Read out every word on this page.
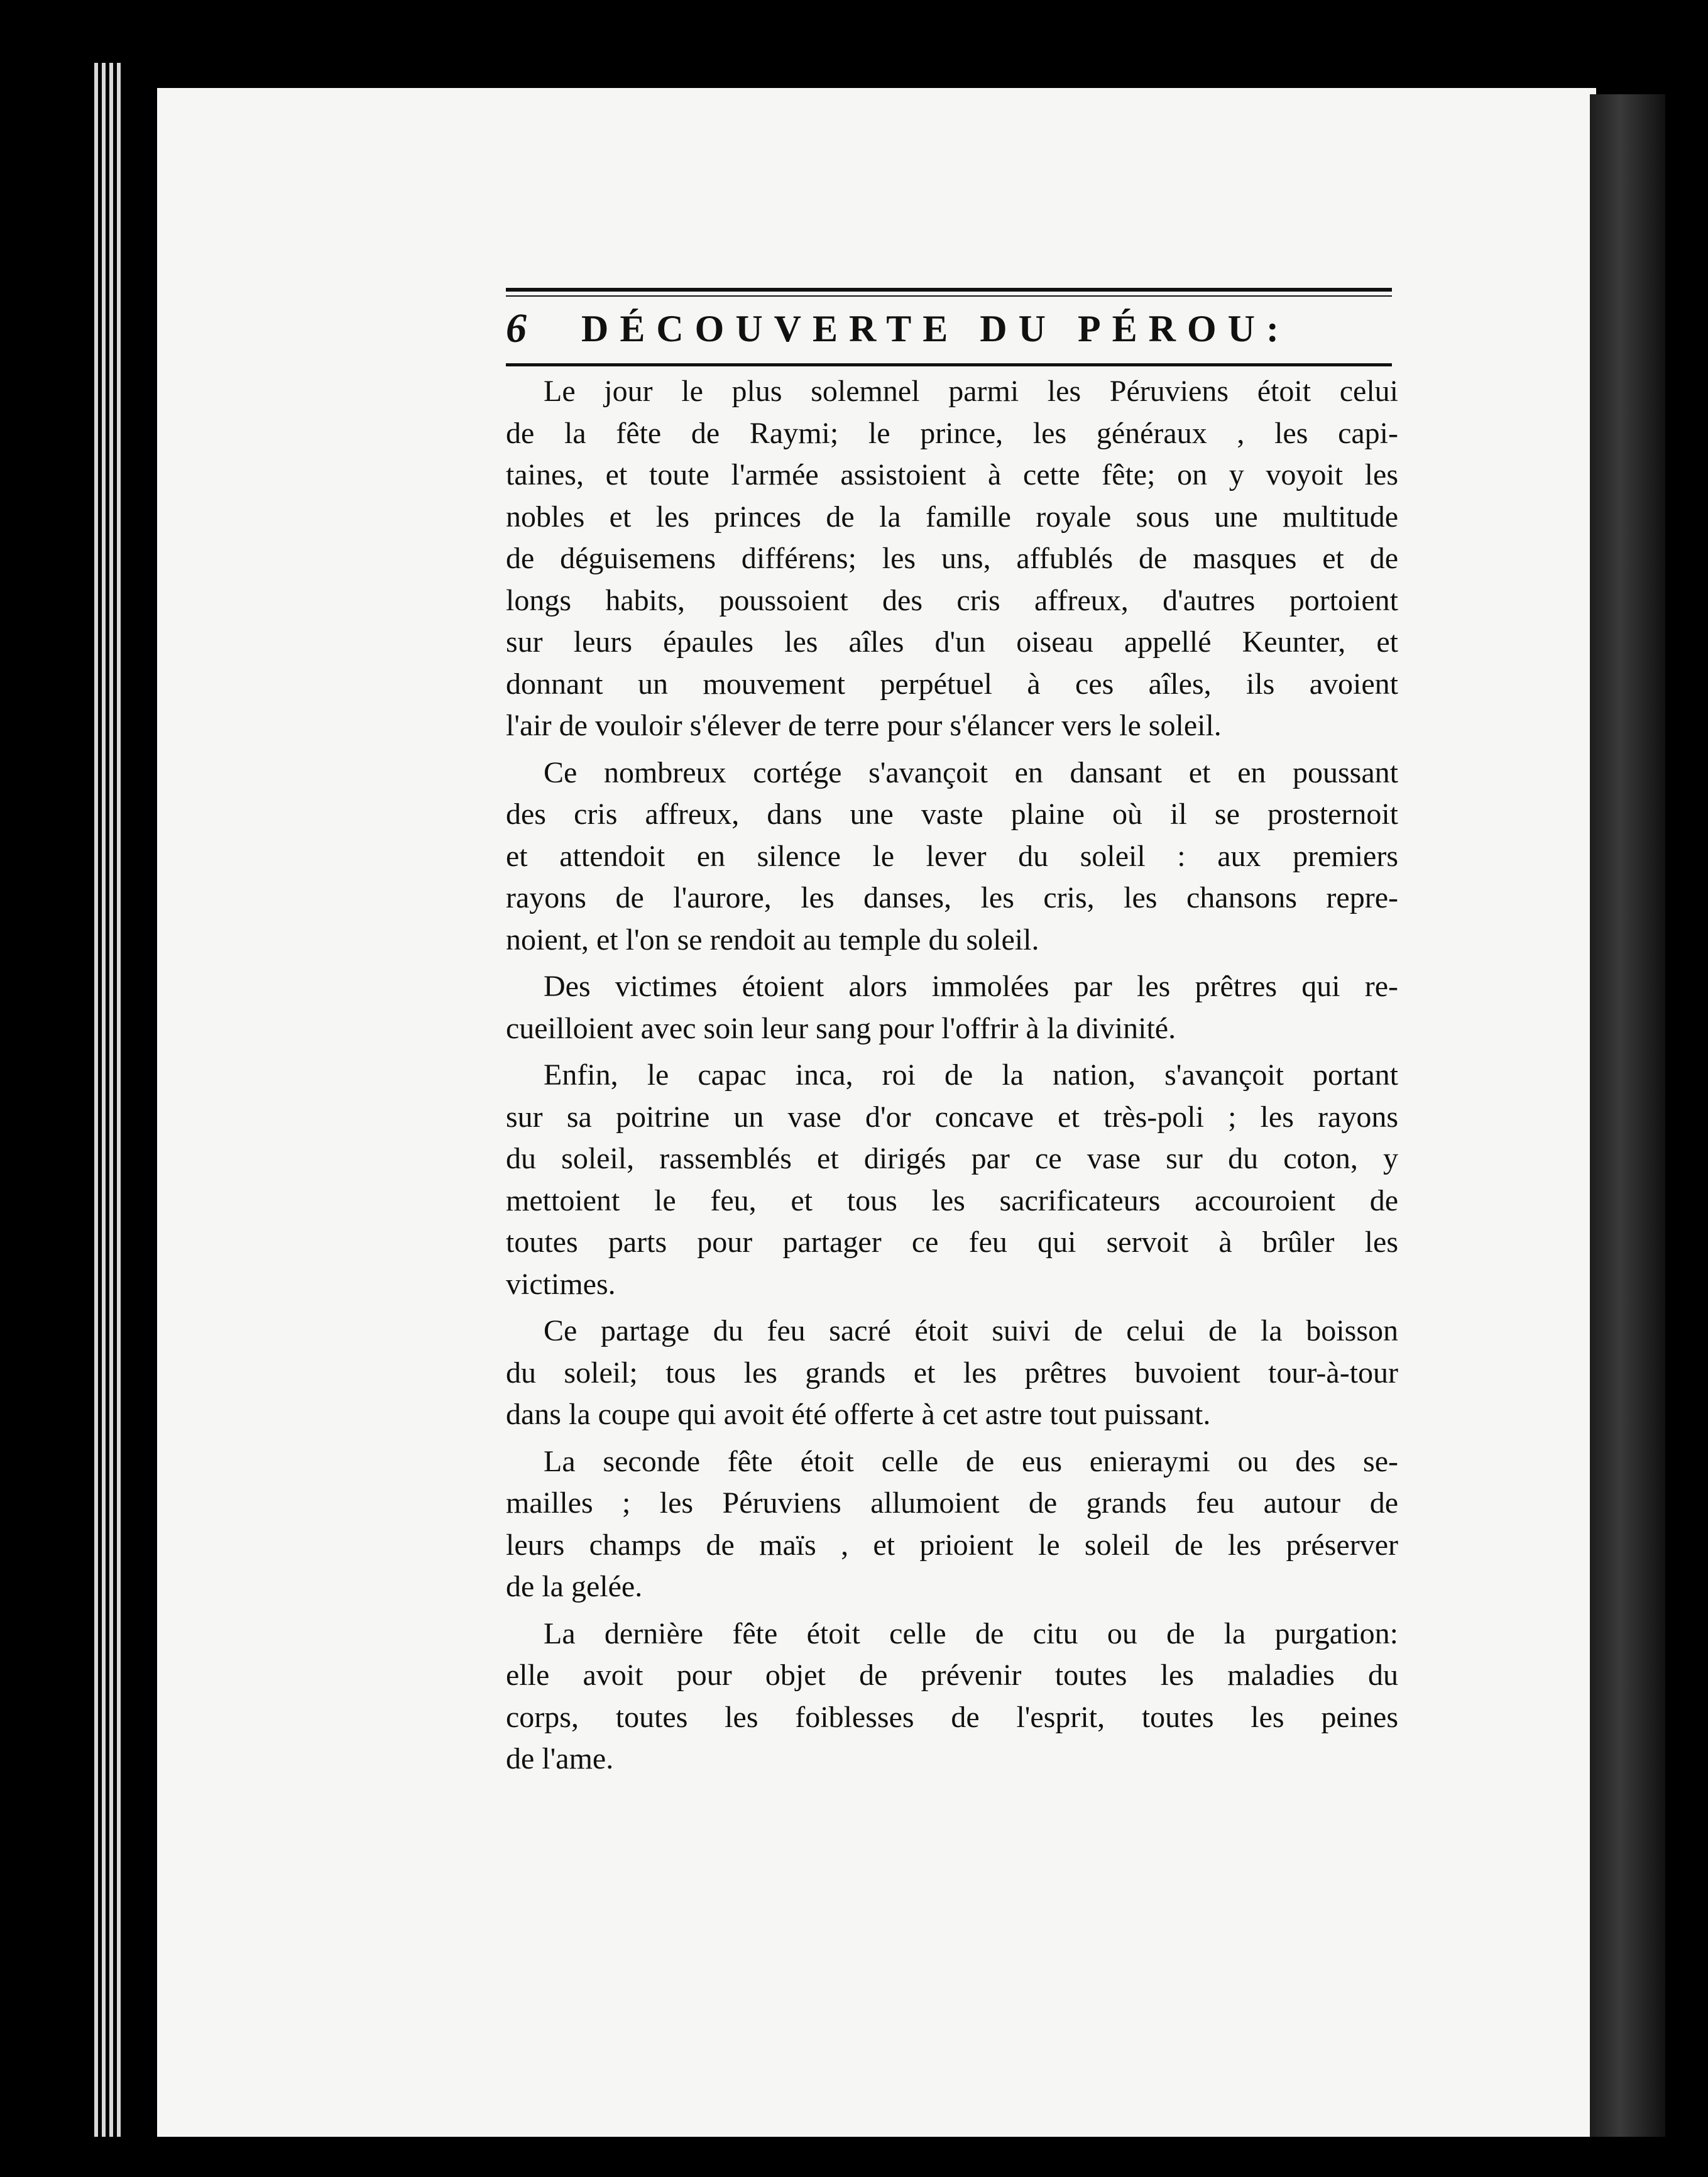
6	DÉCOUVERTE DU PÉROU:
Le jour le plus solemnel parmi les Péruviens étoit celui
de la fête de Raymi; le prince, les généraux , les capi-
taines, et toute l'armée assistoient à cette fête; on y voyoit les
nobles et les princes de la famille royale sous une multitude
de déguisemens différens; les uns, affublés de masques et de
longs habits, poussoient des cris affreux, d'autres portoient
sur leurs épaules les aîles d'un oiseau appellé Keunter, et
donnant un mouvement perpétuel à ces aîles, ils avoient
l'air de vouloir s'élever de terre pour s'élancer vers le soleil.
Ce nombreux cortége s'avançoit en dansant et en poussant
des cris affreux, dans une vaste plaine où il se prosternoit
et attendoit en silence le lever du soleil : aux premiers
rayons de l'aurore, les danses, les cris, les chansons repre-
noient, et l'on se rendoit au temple du soleil.
Des victimes étoient alors immolées par les prêtres qui re-
cueilloient avec soin leur sang pour l'offrir à la divinité.
Enfin, le capac inca, roi de la nation, s'avançoit portant
sur sa poitrine un vase d'or concave et très-poli ; les rayons
du soleil, rassemblés et dirigés par ce vase sur du coton, y
mettoient le feu, et tous les sacrificateurs accouroient de
toutes parts pour partager ce feu qui servoit à brûler les
victimes.
Ce partage du feu sacré étoit suivi de celui de la boisson
du soleil; tous les grands et les prêtres buvoient tour-à-tour
dans la coupe qui avoit été offerte à cet astre tout puissant.
La seconde fête étoit celle de eus enieraymi ou des se-
mailles ; les Péruviens allumoient de grands feu autour de
leurs champs de maïs , et prioient le soleil de les préserver
de la gelée.
La dernière fête étoit celle de citu ou de la purgation:
elle avoit pour objet de prévenir toutes les maladies du
corps, toutes les foiblesses de l'esprit, toutes les peines
de l'ame.
